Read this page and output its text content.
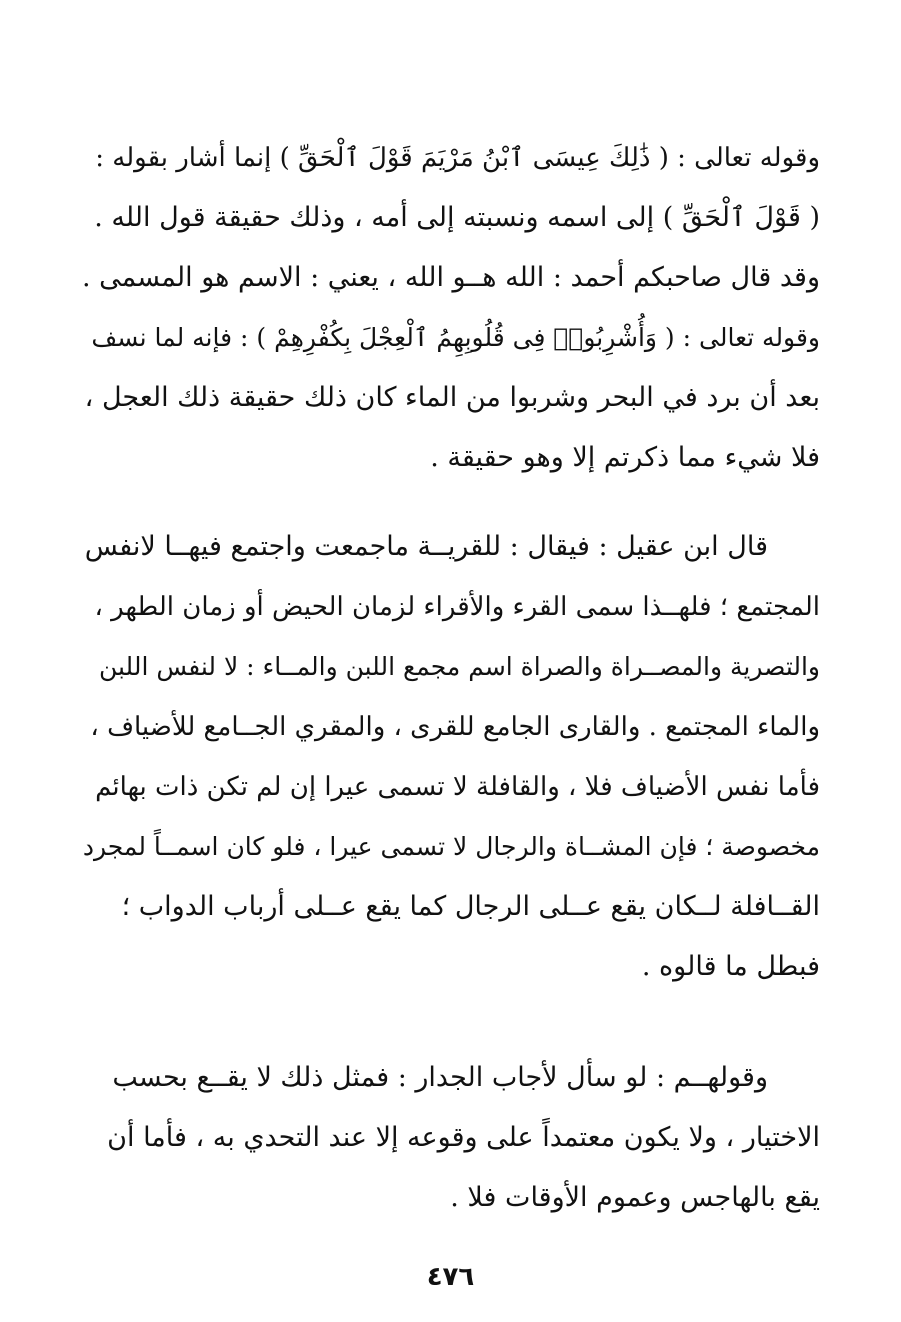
وقوله تعالى : ( ذَٰلِكَ عِيسَى ٱبْنُ مَرْيَمَ قَوْلَ ٱلْحَقِّ ) إنما أشار بقوله :
( قَوْلَ ٱلْحَقِّ ) إلى اسمه ونسبته إلى أمه ، وذلك حقيقة قول الله .
وقد قال صاحبكم أحمد : الله هــو الله ، يعني : الاسم هو المسمى .
وقوله تعالى : ( وَأُشْرِبُوا۟ فِى قُلُوبِهِمُ ٱلْعِجْلَ بِكُفْرِهِمْ ) : فإنه لما نسف
بعد أن برد في البحر وشربوا من الماء كان ذلك حقيقة ذلك العجل ،
فلا شيء مما ذكرتم إلا وهو حقيقة .
قال ابن عقيل : فيقال : للقريــة ماجمعت واجتمع فيهــا لانفس
المجتمع ؛ فلهــذا سمى القرء والأقراء لزمان الحيض أو زمان الطهر ،
والتصرية والمصــراة والصراة اسم مجمع اللبن والمــاء : لا لنفس اللبن
والماء المجتمع . والقارى الجامع للقرى ، والمقري الجــامع للأضياف ،
فأما نفس الأضياف فلا ، والقافلة لا تسمى عيرا إن لم تكن ذات بهائم
مخصوصة ؛ فإن المشــاة والرجال لا تسمى عيرا ، فلو كان اسمــاً لمجرد
القــافلة لــكان يقع عــلى الرجال كما يقع عــلى أرباب الدواب ؛
فبطل ما قالوه .
وقولهــم : لو سأل لأجاب الجدار : فمثل ذلك لا يقــع بحسب
الاختيار ، ولا يكون معتمداً على وقوعه إلا عند التحدي به ، فأما أن
يقع بالهاجس وعموم الأوقات فلا .
٤٧٦
